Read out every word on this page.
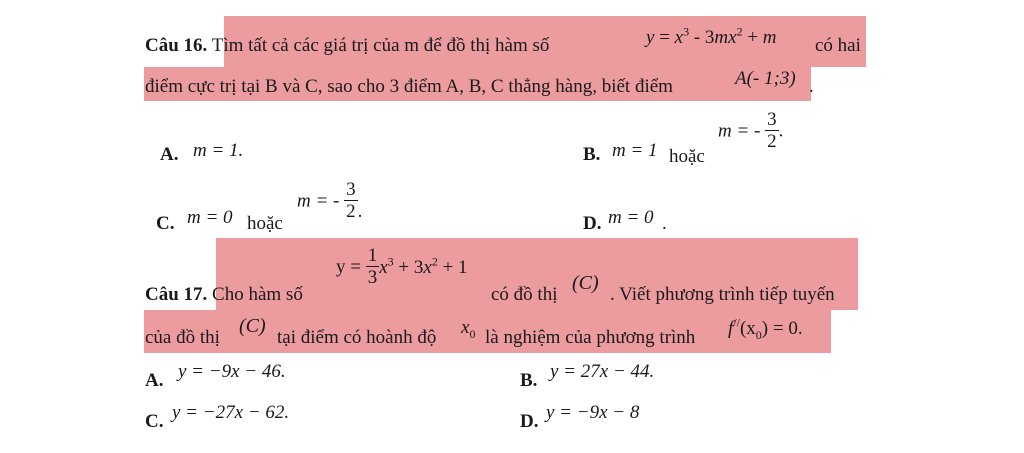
Câu 16. Tìm tất cả các giá trị của m để đồ thị hàm số	$y = x^3 - 3mx^2 + m$ có hai
điểm cực trị tại B và C, sao cho 3 điểm A, B, C thẳng hàng, biết điểm	A(- 1;3) .
A. m = 1.	B. m = 1 hoặc
m = - $\frac{3}{2}$ .
C. m = 0 hoặc
m = - $\frac{3}{2}$ .
D. m = 0 .
Câu 17. Cho hàm số
$y = \frac{1}{3} x^3 + 3x^2 + 1$
có đồ thị
(C)
. Viết phương trình tiếp tuyến
của đồ thị
(C)
tại điểm có hoành độ $x_0$ là nghiệm của phương trình $f^{//}(x_0) = 0$.
A. y = −9x − 46.	B. y = 27x − 44.
C. y = −27x − 62.	D. y = −9x − 8
